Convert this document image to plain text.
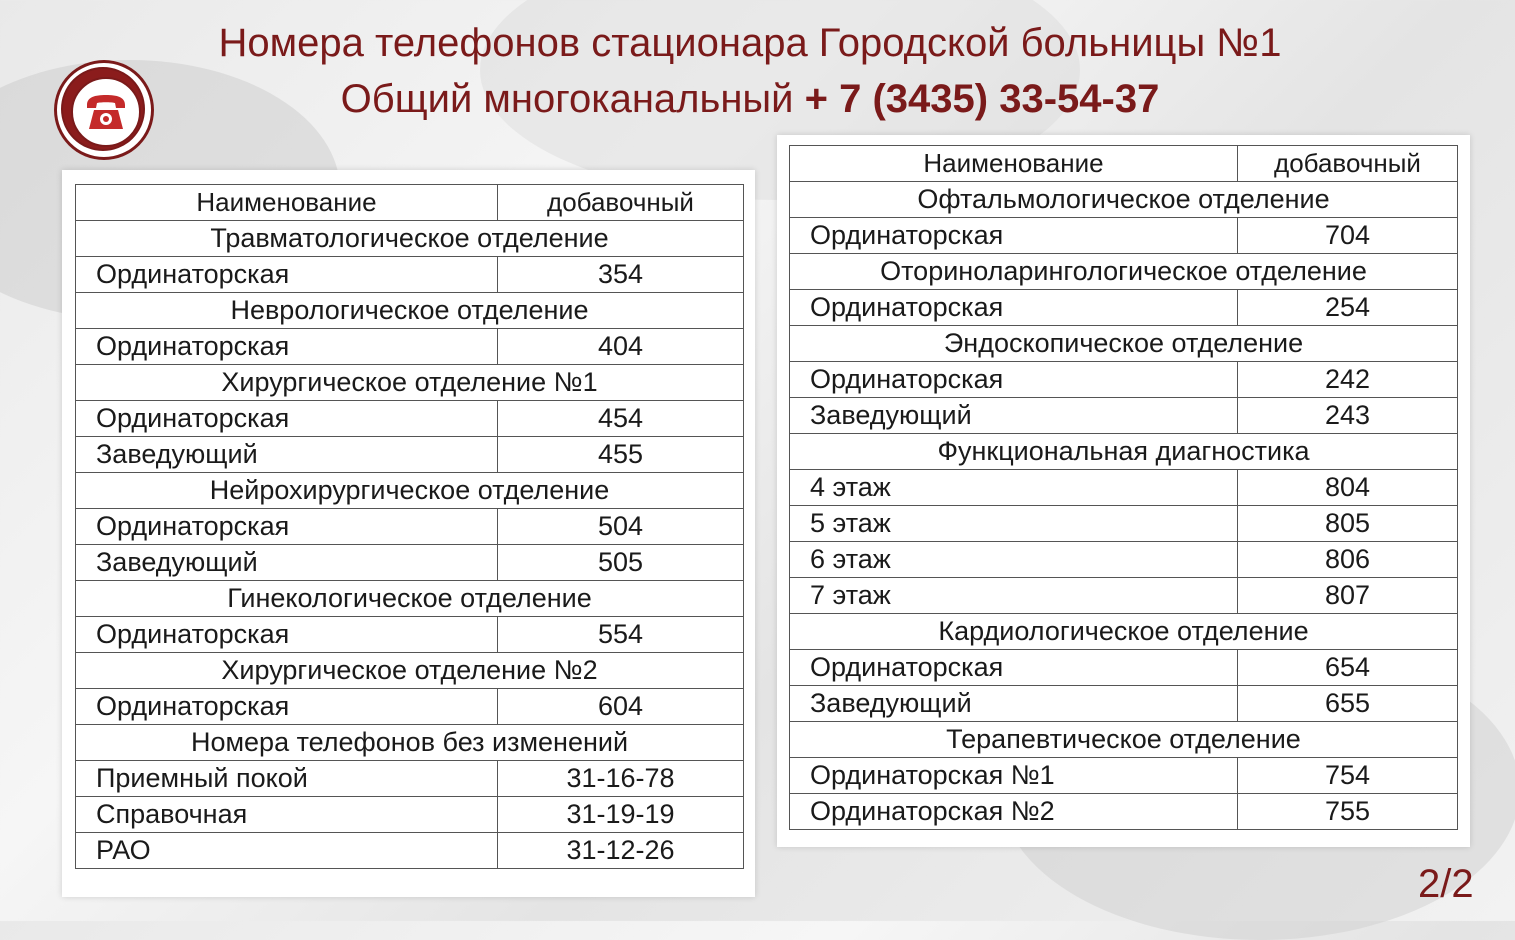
Номера телефонов стационара Городской больницы №1
Общий многоканальный + 7 (3435) 33-54-37
Наименование	добавочный
Травматологическое отделение	
Ординаторская	354
Неврологическое отделение	
Ординаторская	404
Хирургическое отделение №1	
Ординаторская	454
Заведующий	455
Нейрохирургическое отделение	
Ординаторская	504
Заведующий	505
Гинекологическое отделение	
Ординаторская	554
Хирургическое отделение №2	
Ординаторская	604
Номера телефонов без изменений	
Приемный покой	31-16-78
Справочная	31-19-19
РАО	31-12-26
Наименование	добавочный
Офтальмологическое отделение	
Ординаторская	704
Оториноларингологическое отделение	
Ординаторская	254
Эндоскопическое отделение	
Ординаторская	242
Заведующий	243
Функциональная диагностика	
4 этаж	804
5 этаж	805
6 этаж	806
7 этаж	807
Кардиологическое отделение	
Ординаторская	654
Заведующий	655
Терапевтическое отделение	
Ординаторская №1	754
Ординаторская №2	755
2/2
